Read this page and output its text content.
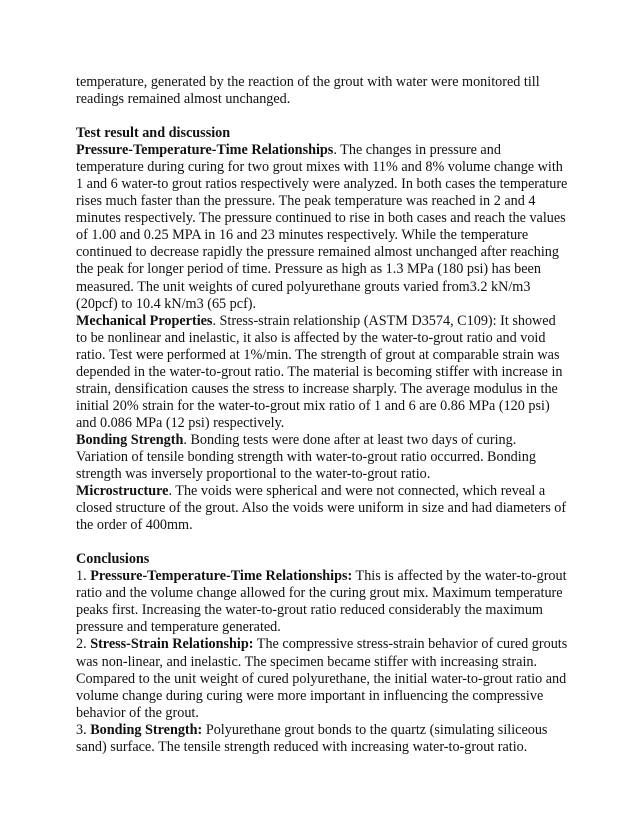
temperature, generated by the reaction of the grout with water were monitored till readings remained almost unchanged.

Test result and discussion

Pressure-Temperature-Time Relationships. The changes in pressure and temperature during curing for two grout mixes with 11% and 8% volume change with 1 and 6 water-to grout ratios respectively were analyzed. In both cases the temperature rises much faster than the pressure. The peak temperature was reached in 2 and 4 minutes respectively. The pressure continued to rise in both cases and reach the values of 1.00 and 0.25 MPA in 16 and 23 minutes respectively. While the temperature continued to decrease rapidly the pressure remained almost unchanged after reaching the peak for longer period of time. Pressure as high as 1.3 MPa (180 psi) has been measured. The unit weights of cured polyurethane grouts varied from3.2 kN/m3 (20pcf) to 10.4 kN/m3 (65 pcf).

Mechanical Properties. Stress-strain relationship (ASTM D3574, C109): It showed to be nonlinear and inelastic, it also is affected by the water-to-grout ratio and void ratio. Test were performed at 1%/min. The strength of grout at comparable strain was depended in the water-to-grout ratio. The material is becoming stiffer with increase in strain, densification causes the stress to increase sharply. The average modulus in the initial 20% strain for the water-to-grout mix ratio of 1 and 6 are 0.86 MPa (120 psi) and 0.086 MPa (12 psi) respectively.

Bonding Strength. Bonding tests were done after at least two days of curing. Variation of tensile bonding strength with water-to-grout ratio occurred. Bonding strength was inversely proportional to the water-to-grout ratio.

Microstructure. The voids were spherical and were not connected, which reveal a closed structure of the grout. Also the voids were uniform in size and had diameters of the order of 400mm.

Conclusions

1. Pressure-Temperature-Time Relationships: This is affected by the water-to-grout ratio and the volume change allowed for the curing grout mix. Maximum temperature peaks first. Increasing the water-to-grout ratio reduced considerably the maximum pressure and temperature generated.

2. Stress-Strain Relationship: The compressive stress-strain behavior of cured grouts was non-linear, and inelastic. The specimen became stiffer with increasing strain. Compared to the unit weight of cured polyurethane, the initial water-to-grout ratio and volume change during curing were more important in influencing the compressive behavior of the grout.

3. Bonding Strength: Polyurethane grout bonds to the quartz (simulating siliceous sand) surface. The tensile strength reduced with increasing water-to-grout ratio.
